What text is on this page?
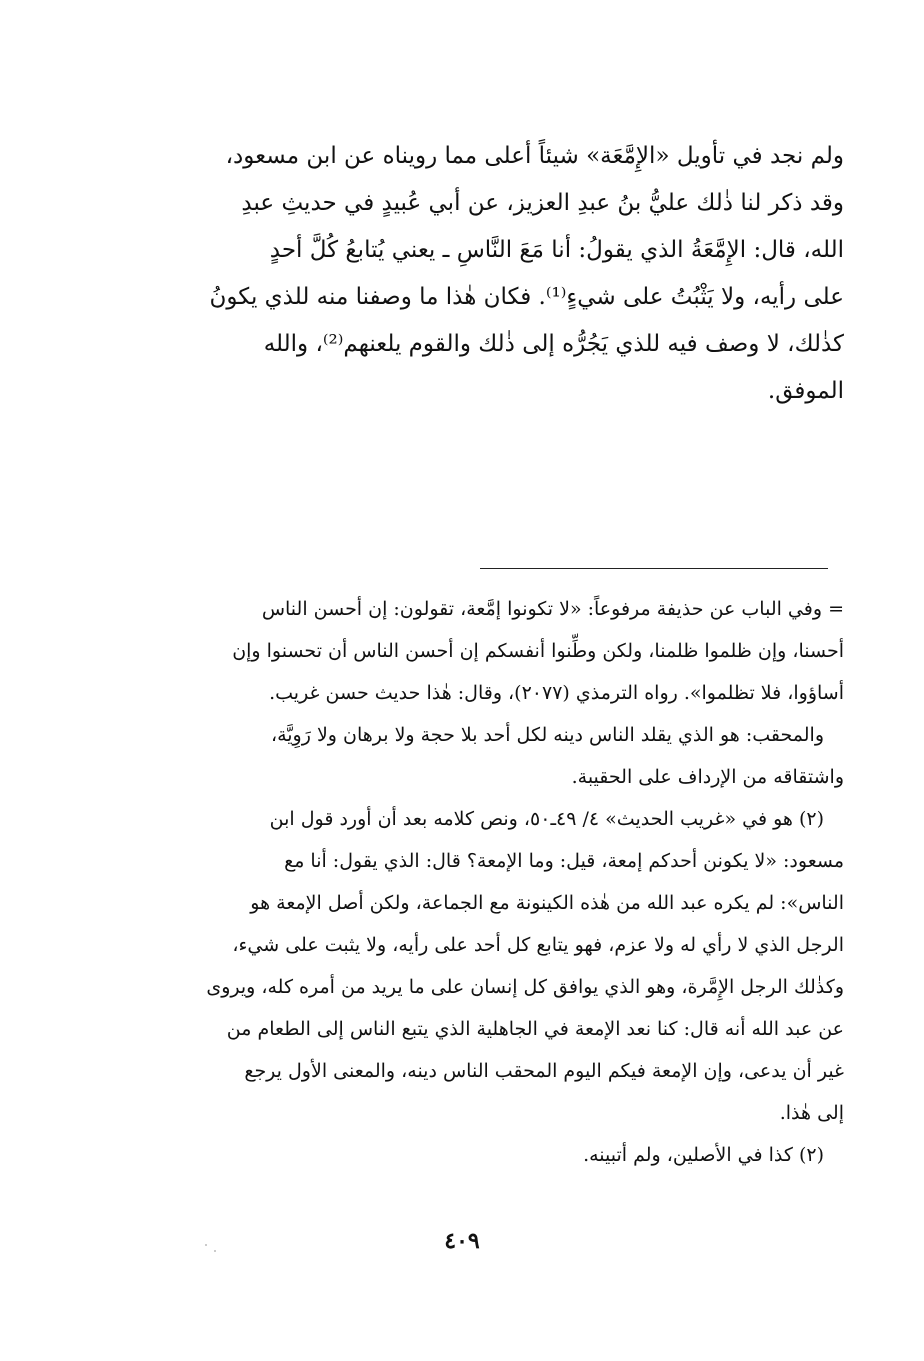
ولم نجد في تأويل «الإِمَّعَة» شيئاً أعلى مما رويناه عن ابن مسعود،
وقد ذكر لنا ذٰلك عليُّ بنُ عبدِ العزيز، عن أبي عُبيدٍ في حديثِ عبدِ
الله، قال: الإِمَّعَةُ الذي يقولُ: أنا مَعَ النَّاسِ ـ يعني يُتابعُ كُلَّ أحدٍ
على رأيه، ولا يَثْبُتُ على شيءٍ⁽¹⁾. فكان هٰذا ما وصفنا منه للذي يكونُ
كذٰلك، لا وصف فيه للذي يَجُرُّه إلى ذٰلك والقوم يلعنهم⁽²⁾، والله
الموفق.
= وفي الباب عن حذيفة مرفوعاً: «لا تكونوا إمَّعة، تقولون: إن أحسن الناس
أحسنا، وإن ظلموا ظلمنا، ولكن وطِّنوا أنفسكم إن أحسن الناس أن تحسنوا وإن
أساؤوا، فلا تظلموا». رواه الترمذي (٢٠٧٧)، وقال: هٰذا حديث حسن غريب.
والمحقب: هو الذي يقلد الناس دينه لكل أحد بلا حجة ولا برهان ولا رَوِيَّة،
واشتقاقه من الإرداف على الحقيبة.
(٢) هو في «غريب الحديث» ٤/ ٤٩ـ٥٠، ونص كلامه بعد أن أورد قول ابن
مسعود: «لا يكونن أحدكم إمعة، قيل: وما الإمعة؟ قال: الذي يقول: أنا مع
الناس»: لم يكره عبد الله من هٰذه الكينونة مع الجماعة، ولكن أصل الإمعة هو
الرجل الذي لا رأي له ولا عزم، فهو يتابع كل أحد على رأيه، ولا يثبت على شيء،
وكذٰلك الرجل الإِمَّرة، وهو الذي يوافق كل إنسان على ما يريد من أمره كله، ويروى
عن عبد الله أنه قال: كنا نعد الإمعة في الجاهلية الذي يتبع الناس إلى الطعام من
غير أن يدعى، وإن الإمعة فيكم اليوم المحقب الناس دينه، والمعنى الأول يرجع
إلى هٰذا.
(٢) كذا في الأصلين، ولم أتبينه.
٤٠٩
